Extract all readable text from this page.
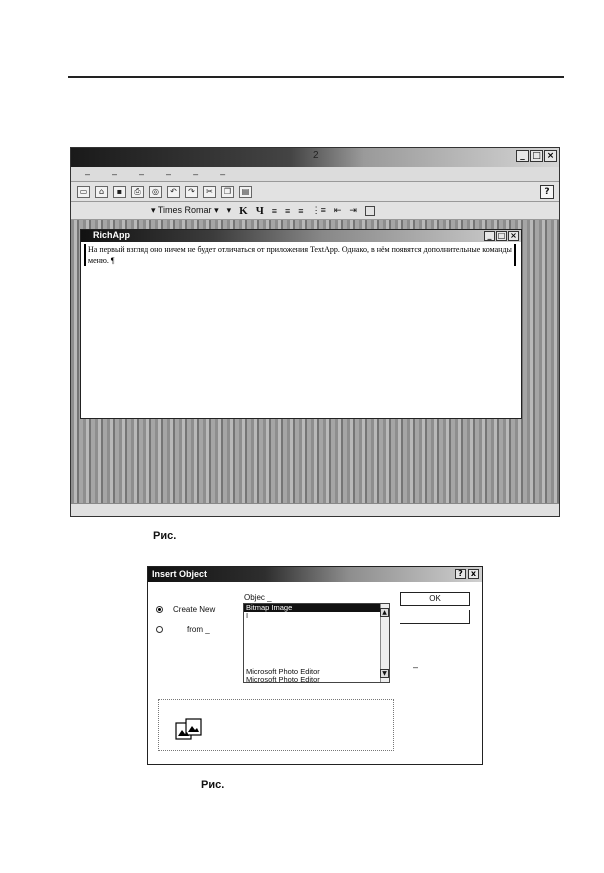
2	_ □ ×
– – – – – –
▭	⌂	▪	⎙	◎	↶	↷	✂	❐	▤	?
▾ Times Romar ▾ ▾ K Ч ≡ ≡ ≡ ⋮≡ ⇤ ⇥
RichApp	_ □ ×
На первый взгляд оно ничем не будет отличаться от приложения TextApp. Однако, в нём появятся дополнительные команды меню. ¶
Рис.
Insert Object	?	x
Objec _
Create New
from _
Bitmap Image
I
Microsoft Photo Editor
Microsoft Photo Editor
▲
▼
OK
–
Рис.
